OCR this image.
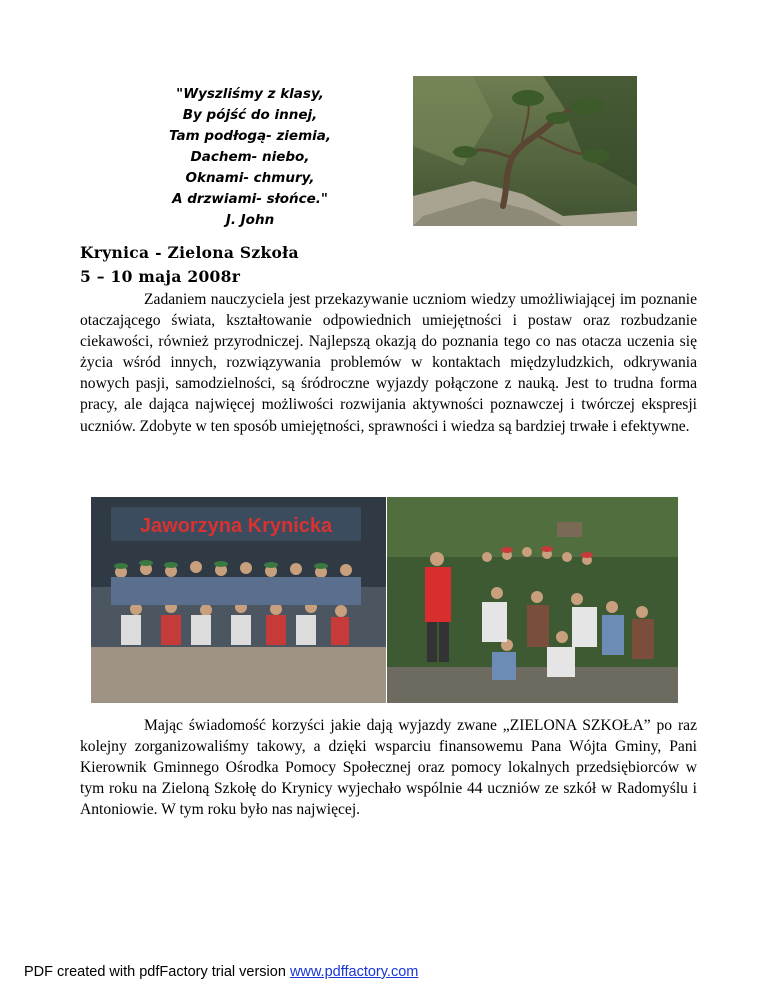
"Wyszliśmy z klasy,
By pójść do innej,
Tam podłogą- ziemia,
Dachem- niebo,
Oknami- chmury,
A drzwiami- słońce."
J. John
Krynica - Zielona Szkoła
5 – 10 maja 2008r
Zadaniem nauczyciela jest przekazywanie uczniom wiedzy umożliwiającej im poznanie otaczającego świata, kształtowanie odpowiednich umiejętności i postaw oraz rozbudzanie ciekawości, również przyrodniczej. Najlepszą okazją do poznania tego co nas otacza uczenia się życia wśród innych, rozwiązywania problemów w kontaktach międzyludzkich, odkrywania nowych pasji, samodzielności, są śródroczne wyjazdy połączone z nauką. Jest to trudna forma pracy, ale dająca najwięcej możliwości rozwijania aktywności poznawczej i twórczej ekspresji uczniów. Zdobyte w ten sposób umiejętności, sprawności i wiedza są bardziej trwałe i efektywne.
Jaworzyna Krynicka
Mając świadomość korzyści jakie dają wyjazdy zwane „ZIELONA SZKOŁA” po raz kolejny zorganizowaliśmy takowy, a dzięki wsparciu finansowemu Pana Wójta Gminy, Pani Kierownik Gminnego Ośrodka Pomocy Społecznej oraz pomocy lokalnych przedsiębiorców w tym roku na Zieloną Szkołę do Krynicy wyjechało wspólnie 44 uczniów ze szkół w Radomyślu i Antoniowie. W tym roku było nas najwięcej.
PDF created with pdfFactory trial version www.pdffactory.com
